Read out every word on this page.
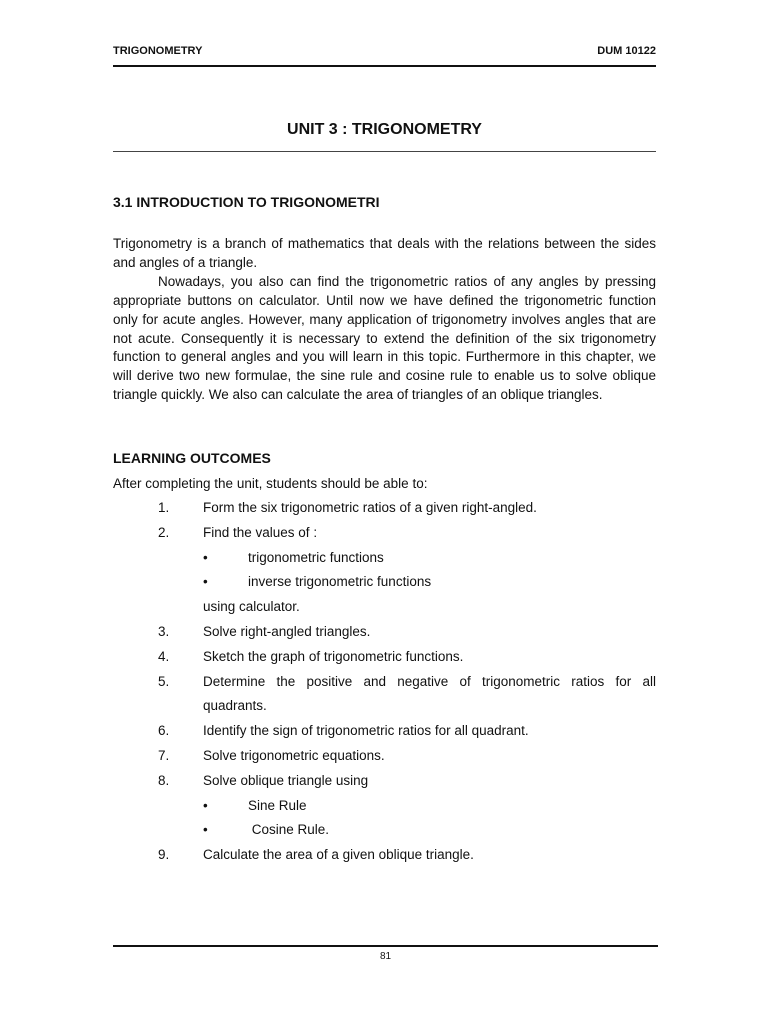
TRIGONOMETRY	DUM 10122
UNIT 3 : TRIGONOMETRY
3.1 INTRODUCTION TO TRIGONOMETRI

Trigonometry is a branch of mathematics that deals with the relations between the sides and angles of a triangle.

Nowadays, you also can find the trigonometric ratios of any angles by pressing appropriate buttons on calculator. Until now we have defined the trigonometric function only for acute angles. However, many application of trigonometry involves angles that are not acute. Consequently it is necessary to extend the definition of the six trigonometry function to general angles and you will learn in this topic. Furthermore in this chapter, we will derive two new formulae, the sine rule and cosine rule to enable us to solve oblique triangle quickly. We also can calculate the area of triangles of an oblique triangles.

LEARNING OUTCOMES
After completing the unit, students should be able to:
1. Form the six trigonometric ratios of a given right-angled.
2. Find the values of :
•	trigonometric functions
•	inverse trigonometric functions
using calculator.
3. Solve right-angled triangles.
4. Sketch the graph of trigonometric functions.
5. Determine the positive and negative of trigonometric ratios for all
quadrants.
6. Identify the sign of trigonometric ratios for all quadrant.
7. Solve trigonometric equations.
8. Solve oblique triangle using
•	Sine Rule
•	Cosine Rule.
9. Calculate the area of a given oblique triangle.
81
